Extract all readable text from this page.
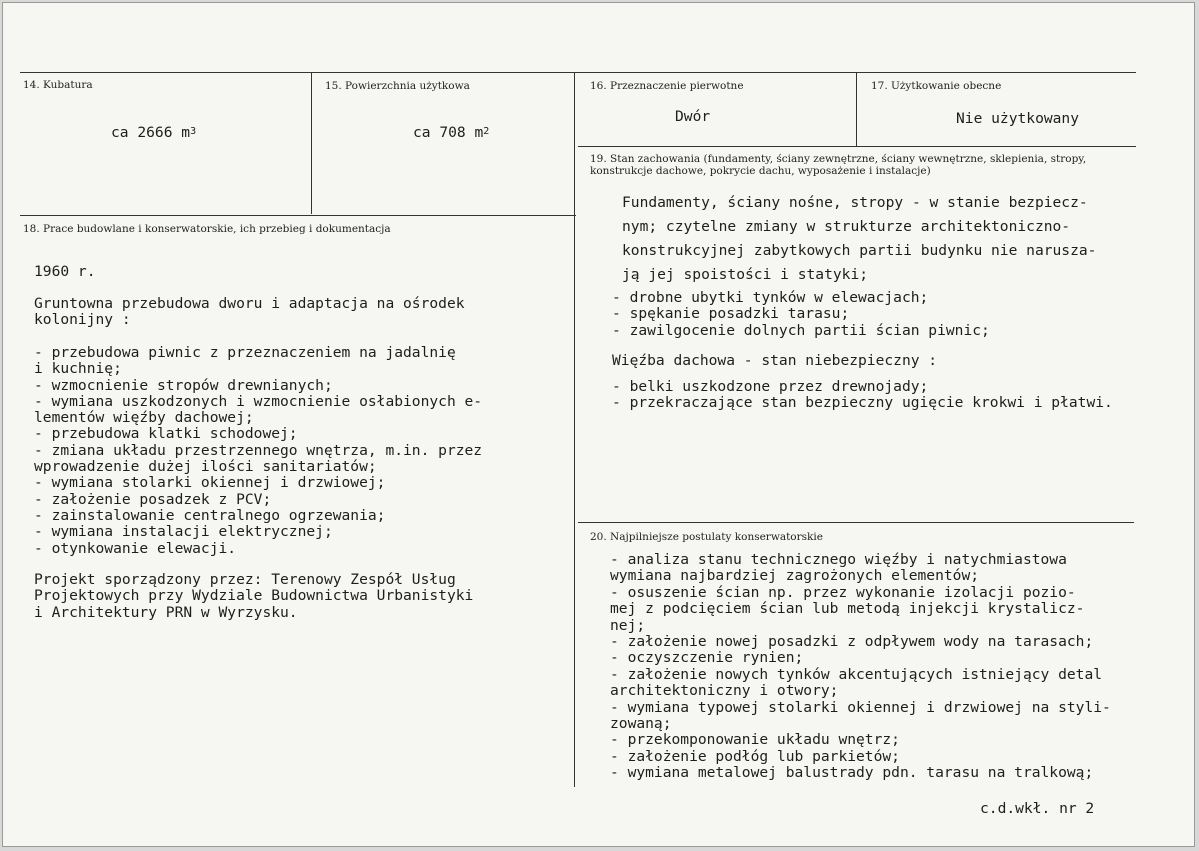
14. Kubatura
ca 2666 $m^3$
15. Powierzchnia użytkowa
ca 708 $m^2$
16. Przeznaczenie pierwotne
Dwór
17. Użytkowanie obecne
Nie użytkowany
18. Prace budowlane i konserwatorskie, ich przebieg i dokumentacja
1960 r.
Gruntowna przebudowa dworu i adaptacja na ośrodek
kolonijny :
- przebudowa piwnic z przeznaczeniem na jadalnię
i kuchnię;
- wzmocnienie stropów drewnianych;
- wymiana uszkodzonych i wzmocnienie osłabionych e-
lementów więźby dachowej;
- przebudowa klatki schodowej;
- zmiana układu przestrzennego wnętrza, m.in. przez
wprowadzenie dużej ilości sanitariatów;
- wymiana stolarki okiennej i drzwiowej;
- założenie posadzek z PCV;
- zainstalowanie centralnego ogrzewania;
- wymiana instalacji elektrycznej;
- otynkowanie elewacji.
Projekt sporządzony przez: Terenowy Zespół Usług
Projektowych przy Wydziale Budownictwa Urbanistyki
i Architektury PRN w Wyrzysku.
19. Stan zachowania (fundamenty, ściany zewnętrzne, ściany wewnętrzne, sklepienia, stropy, konstrukcje dachowe, pokrycie dachu, wyposażenie i instalacje)
Fundamenty, ściany nośne, stropy - w stanie bezpiecz-
nym; czytelne zmiany w strukturze architektoniczno-
konstrukcyjnej zabytkowych partii budynku nie narusza-
ją jej spoistości i statyki;
- drobne ubytki tynków w elewacjach;
- spękanie posadzki tarasu;
- zawilgocenie dolnych partii ścian piwnic;
Więźba dachowa - stan niebezpieczny :
- belki uszkodzone przez drewnojady;
- przekraczające stan bezpieczny ugięcie krokwi i płatwi.
20. Najpilniejsze postulaty konserwatorskie
- analiza stanu technicznego więźby i natychmiastowa
wymiana najbardziej zagrożonych elementów;
- osuszenie ścian np. przez wykonanie izolacji pozio-
mej z podcięciem ścian lub metodą injekcji krystalicz-
nej;
- założenie nowej posadzki z odpływem wody na tarasach;
- oczyszczenie rynien;
- założenie nowych tynków akcentujących istniejący detal
architektoniczny i otwory;
- wymiana typowej stolarki okiennej i drzwiowej na styli-
zowaną;
- przekomponowanie układu wnętrz;
- założenie podłóg lub parkietów;
- wymiana metalowej balustrady pdn. tarasu na tralkową;
c.d.wkł. nr 2
